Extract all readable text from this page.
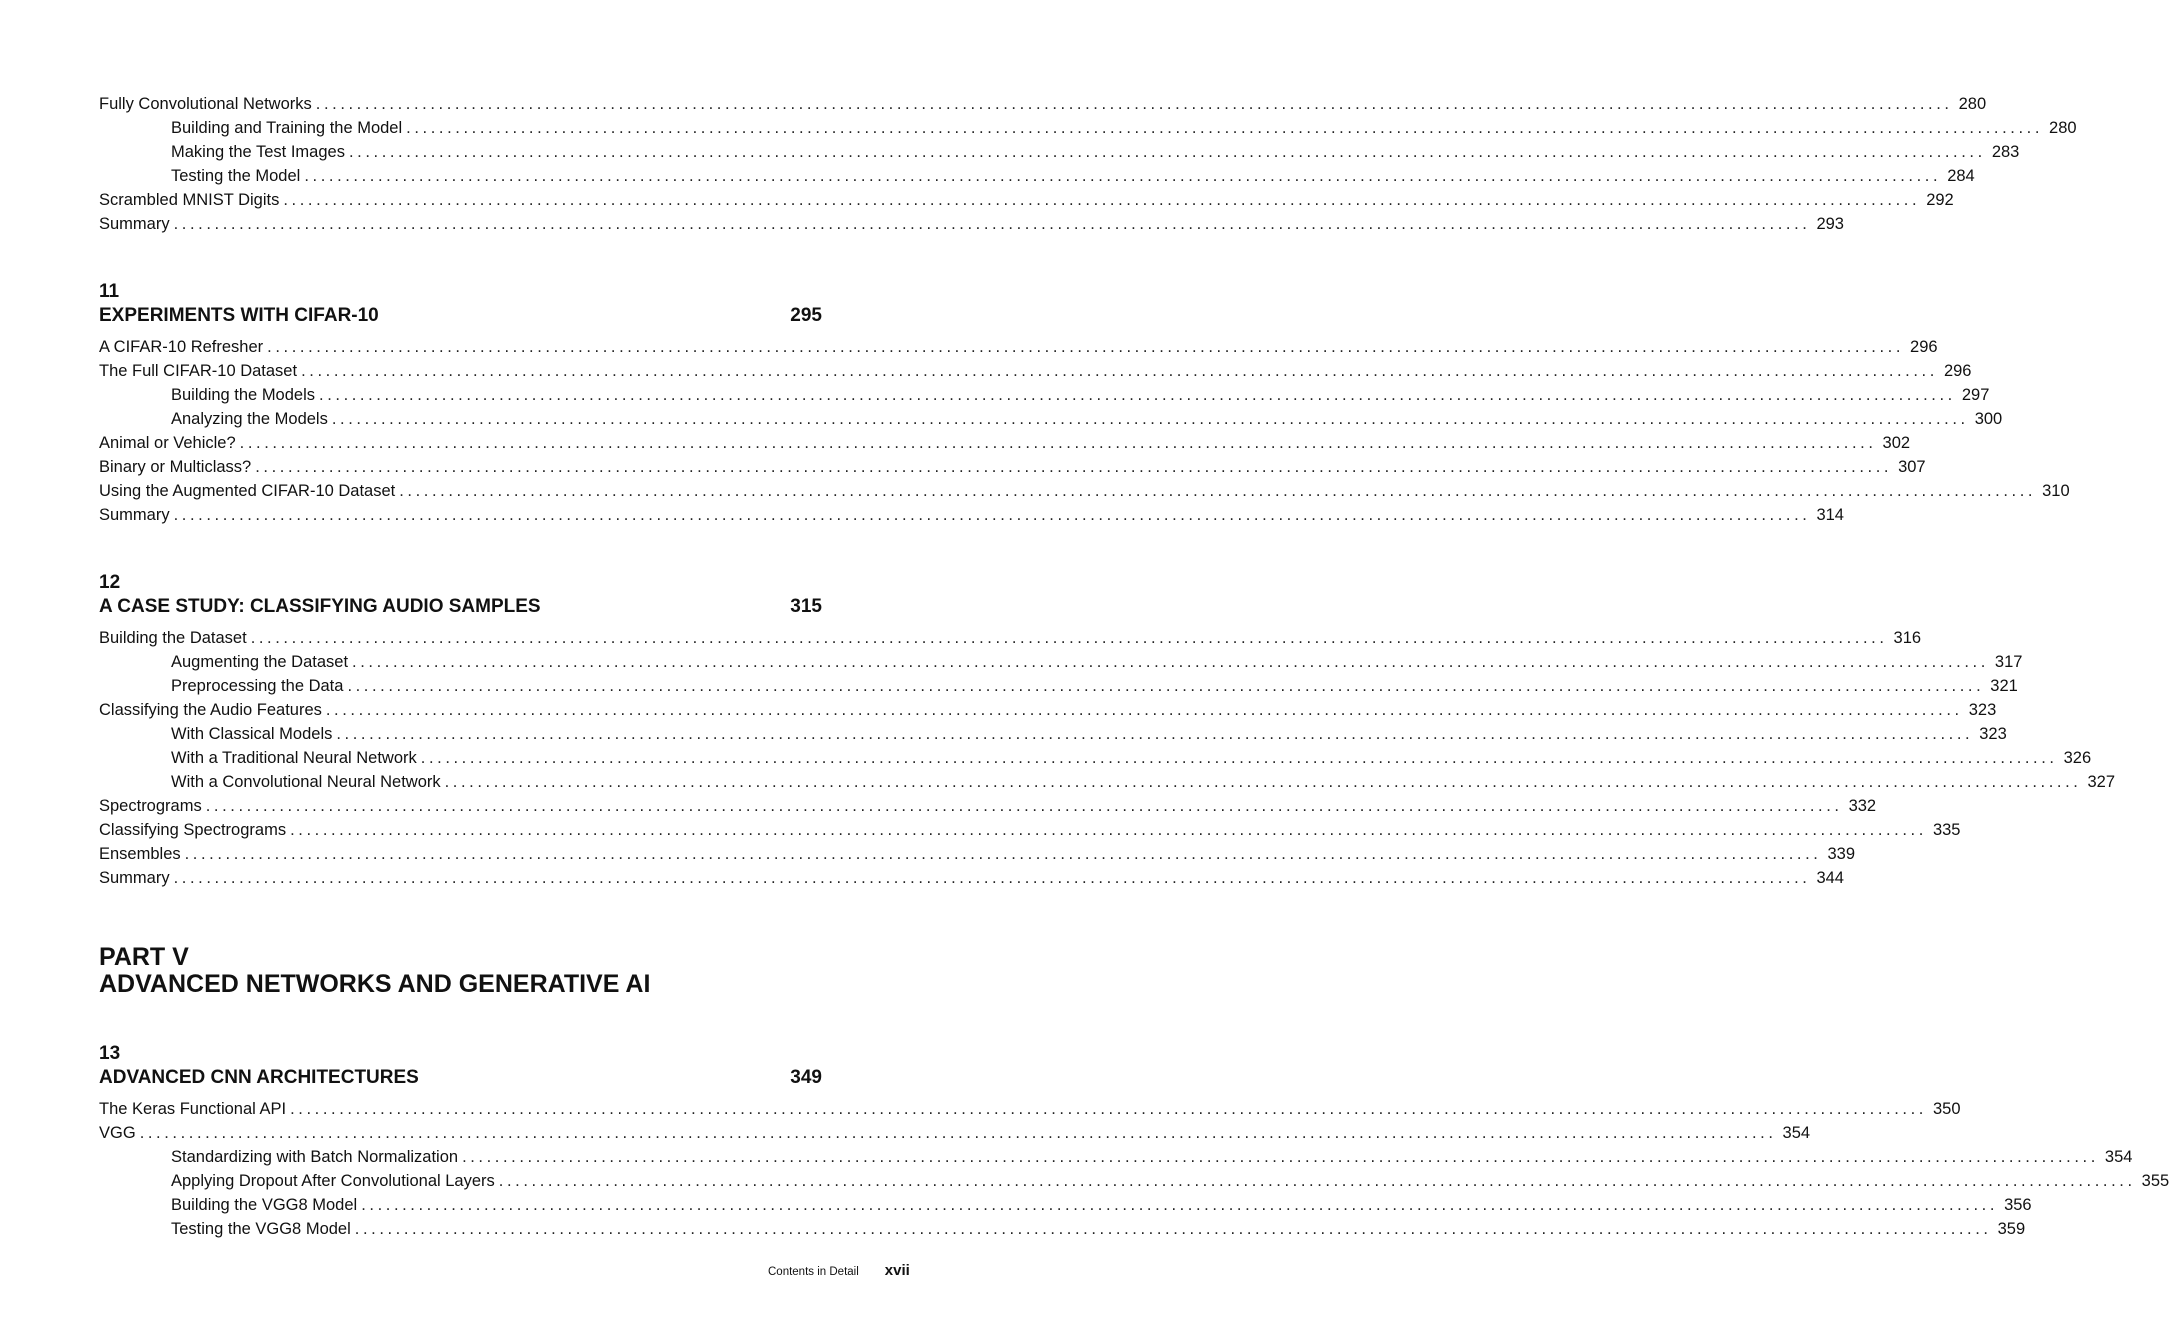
Fully Convolutional Networks ........................................................................................................................................................................................................ 280
Building and Training the Model ........................................................................................................................................................................................................ 280
Making the Test Images ........................................................................................................................................................................................................ 283
Testing the Model ........................................................................................................................................................................................................ 284
Scrambled MNIST Digits ........................................................................................................................................................................................................ 292
Summary ........................................................................................................................................................................................................ 293
11
EXPERIMENTS WITH CIFAR-10	295
A CIFAR-10 Refresher ........................................................................................................................................................................................................ 296
The Full CIFAR-10 Dataset ........................................................................................................................................................................................................ 296
Building the Models ........................................................................................................................................................................................................ 297
Analyzing the Models ........................................................................................................................................................................................................ 300
Animal or Vehicle? ........................................................................................................................................................................................................ 302
Binary or Multiclass? ........................................................................................................................................................................................................ 307
Using the Augmented CIFAR-10 Dataset ........................................................................................................................................................................................................ 310
Summary ........................................................................................................................................................................................................ 314
12
A CASE STUDY: CLASSIFYING AUDIO SAMPLES	315
Building the Dataset ........................................................................................................................................................................................................ 316
Augmenting the Dataset ........................................................................................................................................................................................................ 317
Preprocessing the Data ........................................................................................................................................................................................................ 321
Classifying the Audio Features ........................................................................................................................................................................................................ 323
With Classical Models ........................................................................................................................................................................................................ 323
With a Traditional Neural Network ........................................................................................................................................................................................................ 326
With a Convolutional Neural Network ........................................................................................................................................................................................................ 327
Spectrograms ........................................................................................................................................................................................................ 332
Classifying Spectrograms ........................................................................................................................................................................................................ 335
Ensembles ........................................................................................................................................................................................................ 339
Summary ........................................................................................................................................................................................................ 344
PART V
ADVANCED NETWORKS AND GENERATIVE AI
13
ADVANCED CNN ARCHITECTURES	349
The Keras Functional API ........................................................................................................................................................................................................ 350
VGG ........................................................................................................................................................................................................ 354
Standardizing with Batch Normalization ........................................................................................................................................................................................................ 354
Applying Dropout After Convolutional Layers ........................................................................................................................................................................................................ 355
Building the VGG8 Model ........................................................................................................................................................................................................ 356
Testing the VGG8 Model ........................................................................................................................................................................................................ 359
Contents in Detail xvii
